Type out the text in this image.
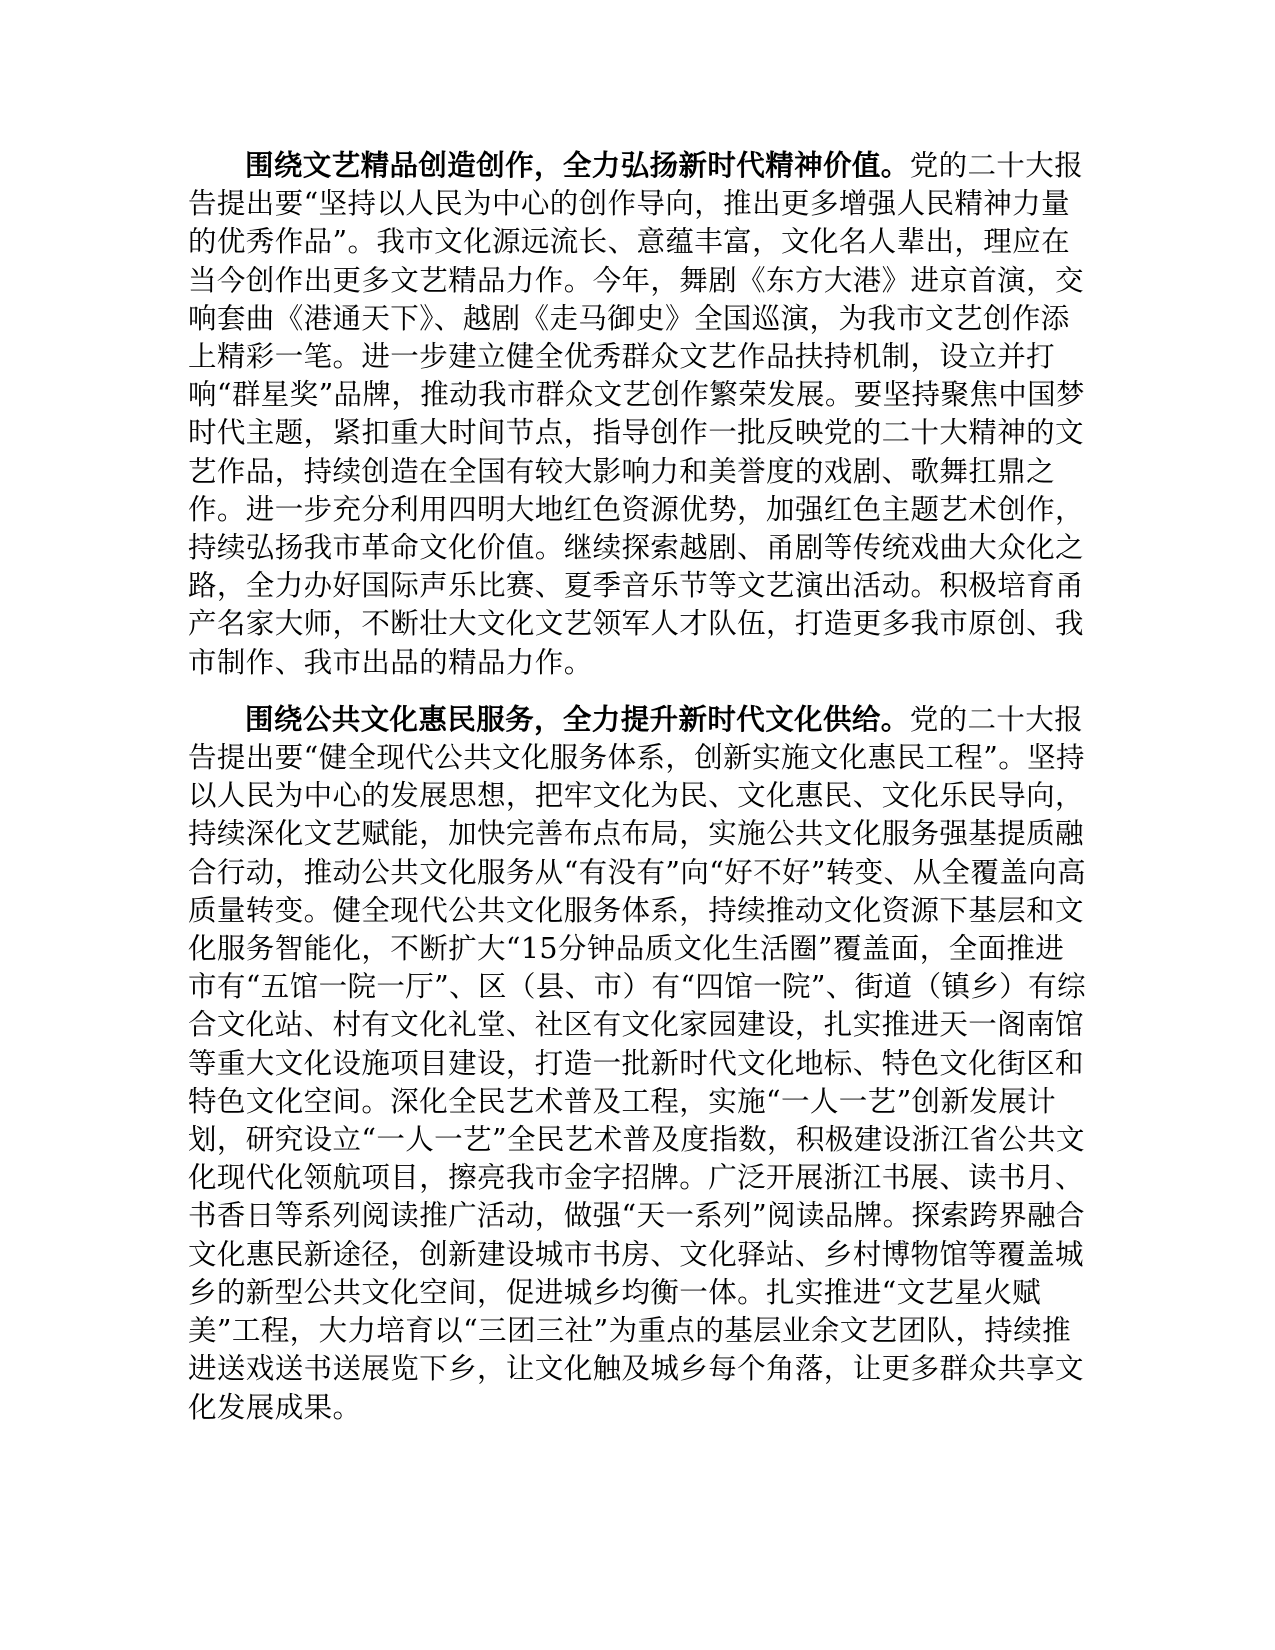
围绕文艺精品创造创作，全力弘扬新时代精神价值。党的二十大报告提出要“坚持以人民为中心的创作导向，推出更多增强人民精神力量的优秀作品”。我市文化源远流长、意蕴丰富，文化名人辈出，理应在当今创作出更多文艺精品力作。今年，舞剧《东方大港》进京首演，交响套曲《港通天下》、越剧《走马御史》全国巡演，为我市文艺创作添上精彩一笔。进一步建立健全优秀群众文艺作品扶持机制，设立并打响“群星奖”品牌，推动我市群众文艺创作繁荣发展。要坚持聚焦中国梦时代主题，紧扣重大时间节点，指导创作一批反映党的二十大精神的文艺作品，持续创造在全国有较大影响力和美誉度的戏剧、歌舞扛鼎之作。进一步充分利用四明大地红色资源优势，加强红色主题艺术创作，持续弘扬我市革命文化价值。继续探索越剧、甬剧等传统戏曲大众化之路，全力办好国际声乐比赛、夏季音乐节等文艺演出活动。积极培育甬产名家大师，不断壮大文化文艺领军人才队伍，打造更多我市原创、我市制作、我市出品的精品力作。

围绕公共文化惠民服务，全力提升新时代文化供给。党的二十大报告提出要“健全现代公共文化服务体系，创新实施文化惠民工程”。坚持以人民为中心的发展思想，把牢文化为民、文化惠民、文化乐民导向，持续深化文艺赋能，加快完善布点布局，实施公共文化服务强基提质融合行动，推动公共文化服务从“有没有”向“好不好”转变、从全覆盖向高质量转变。健全现代公共文化服务体系，持续推动文化资源下基层和文化服务智能化，不断扩大“15分钟品质文化生活圈”覆盖面，全面推进市有“五馆一院一厅”、区（县、市）有“四馆一院”、街道（镇乡）有综合文化站、村有文化礼堂、社区有文化家园建设，扎实推进天一阁南馆等重大文化设施项目建设，打造一批新时代文化地标、特色文化街区和特色文化空间。深化全民艺术普及工程，实施“一人一艺”创新发展计划，研究设立“一人一艺”全民艺术普及度指数，积极建设浙江省公共文化现代化领航项目，擦亮我市金字招牌。广泛开展浙江书展、读书月、书香日等系列阅读推广活动，做强“天一系列”阅读品牌。探索跨界融合文化惠民新途径，创新建设城市书房、文化驿站、乡村博物馆等覆盖城乡的新型公共文化空间，促进城乡均衡一体。扎实推进“文艺星火赋美”工程，大力培育以“三团三社”为重点的基层业余文艺团队，持续推进送戏送书送展览下乡，让文化触及城乡每个角落，让更多群众共享文化发展成果。
